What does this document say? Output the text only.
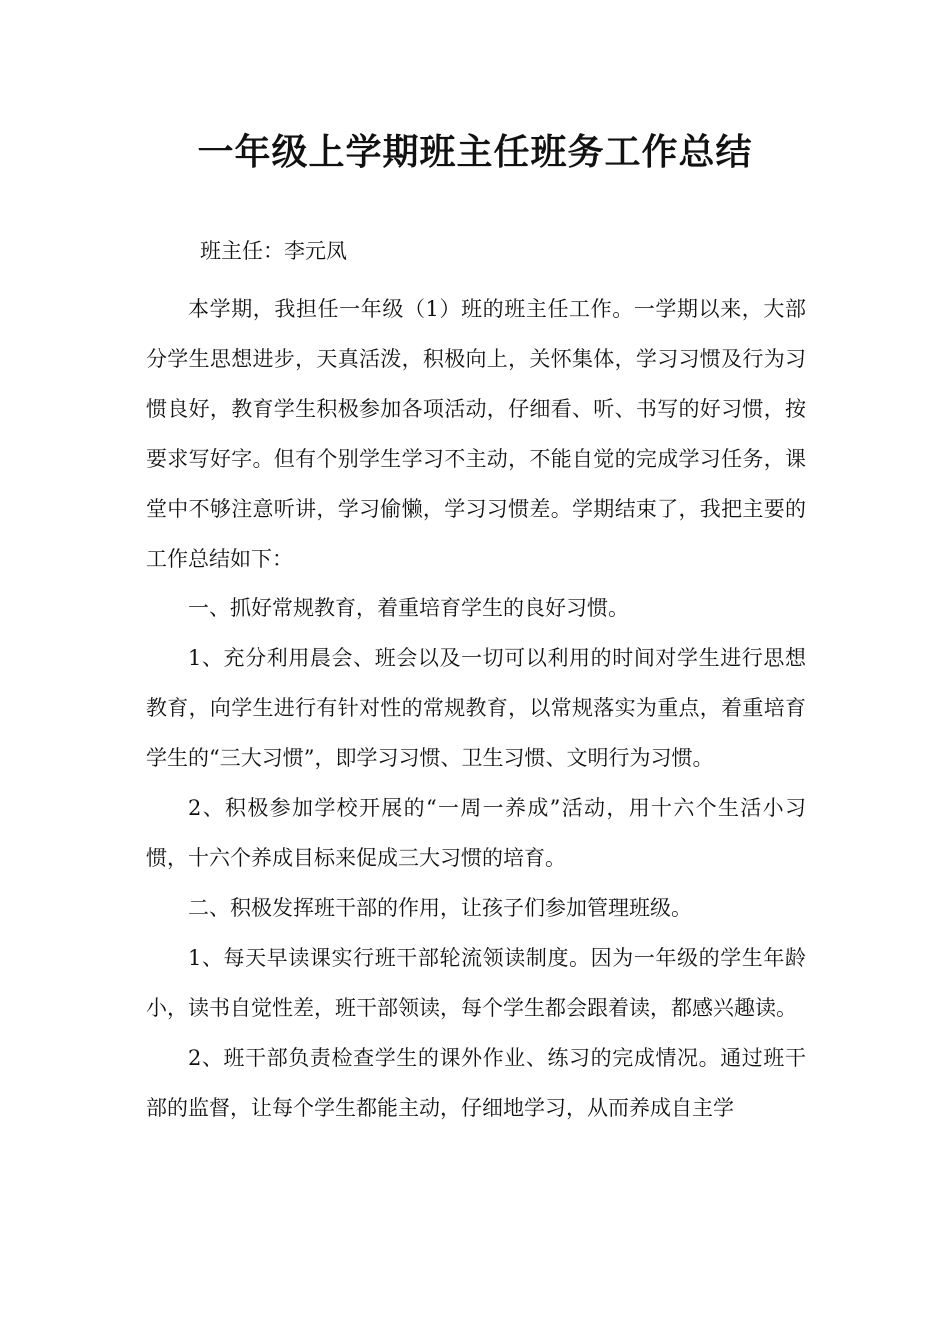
一年级上学期班主任班务工作总结

班主任：李元凤

本学期，我担任一年级（1）班的班主任工作。一学期以来，大部分学生思想进步，天真活泼，积极向上，关怀集体，学习习惯及行为习惯良好，教育学生积极参加各项活动，仔细看、听、书写的好习惯，按要求写好字。但有个别学生学习不主动，不能自觉的完成学习任务，课堂中不够注意听讲，学习偷懒，学习习惯差。学期结束了，我把主要的工作总结如下：

一、抓好常规教育，着重培育学生的良好习惯。

1、充分利用晨会、班会以及一切可以利用的时间对学生进行思想教育，向学生进行有针对性的常规教育，以常规落实为重点，着重培育学生的“三大习惯”，即学习习惯、卫生习惯、文明行为习惯。

2、积极参加学校开展的“一周一养成”活动，用十六个生活小习惯，十六个养成目标来促成三大习惯的培育。

二、积极发挥班干部的作用，让孩子们参加管理班级。

1、每天早读课实行班干部轮流领读制度。因为一年级的学生年龄小，读书自觉性差，班干部领读，每个学生都会跟着读，都感兴趣读。

2、班干部负责检查学生的课外作业、练习的完成情况。通过班干部的监督，让每个学生都能主动，仔细地学习，从而养成自主学
